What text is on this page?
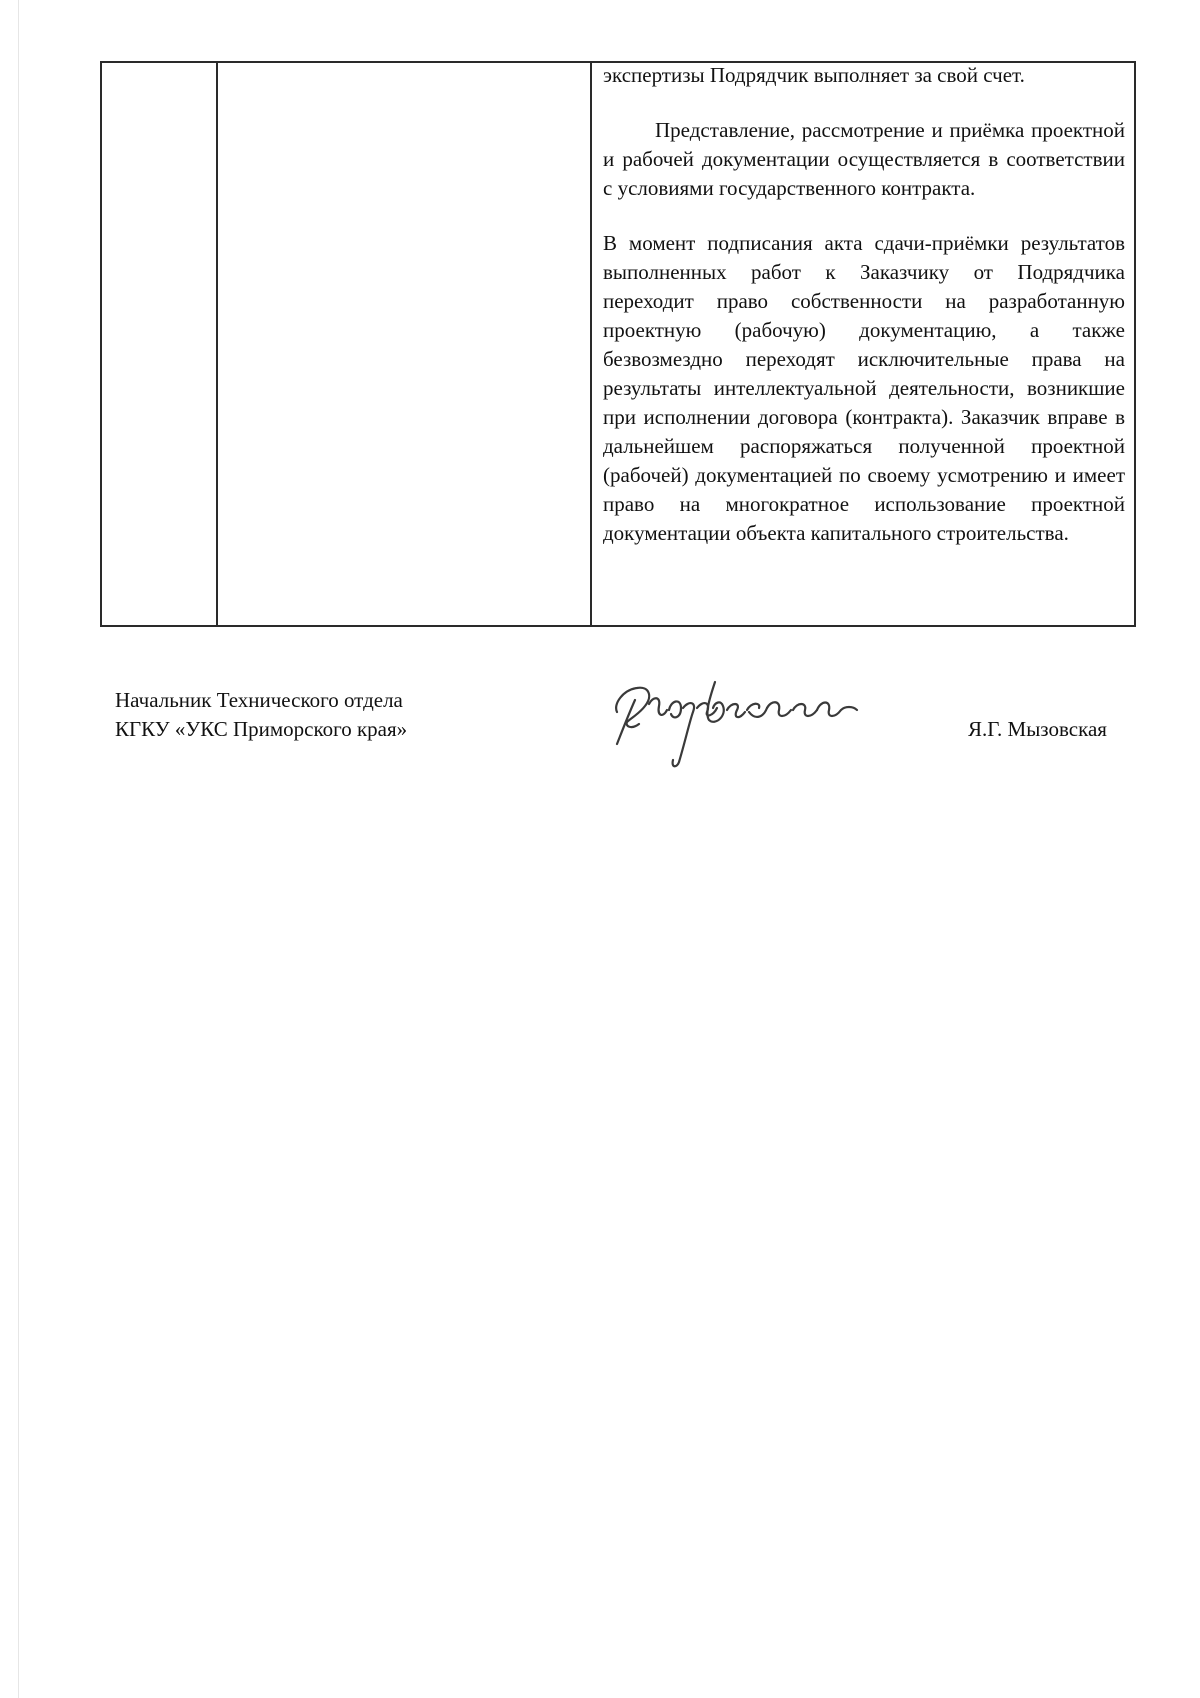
экспертизы Подрядчик выполняет за свой счет.

Представление, рассмотрение и приёмка проектной и рабочей документации осуществляется в соответствии с условиями государственного контракта.

В момент подписания акта сдачи-приёмки результатов выполненных работ к Заказчику от Подрядчика переходит право собственности на разработанную проектную (рабочую) документацию, а также безвозмездно переходят исключительные права на результаты интеллектуальной деятельности, возникшие при исполнении договора (контракта). Заказчик вправе в дальнейшем распоряжаться полученной проектной (рабочей) документацией по своему усмотрению и имеет право на многократное использование проектной документации объекта капитального строительства.

Начальник Технического отдела
КГКУ «УКС Приморского края»	Я.Г. Мызовская
